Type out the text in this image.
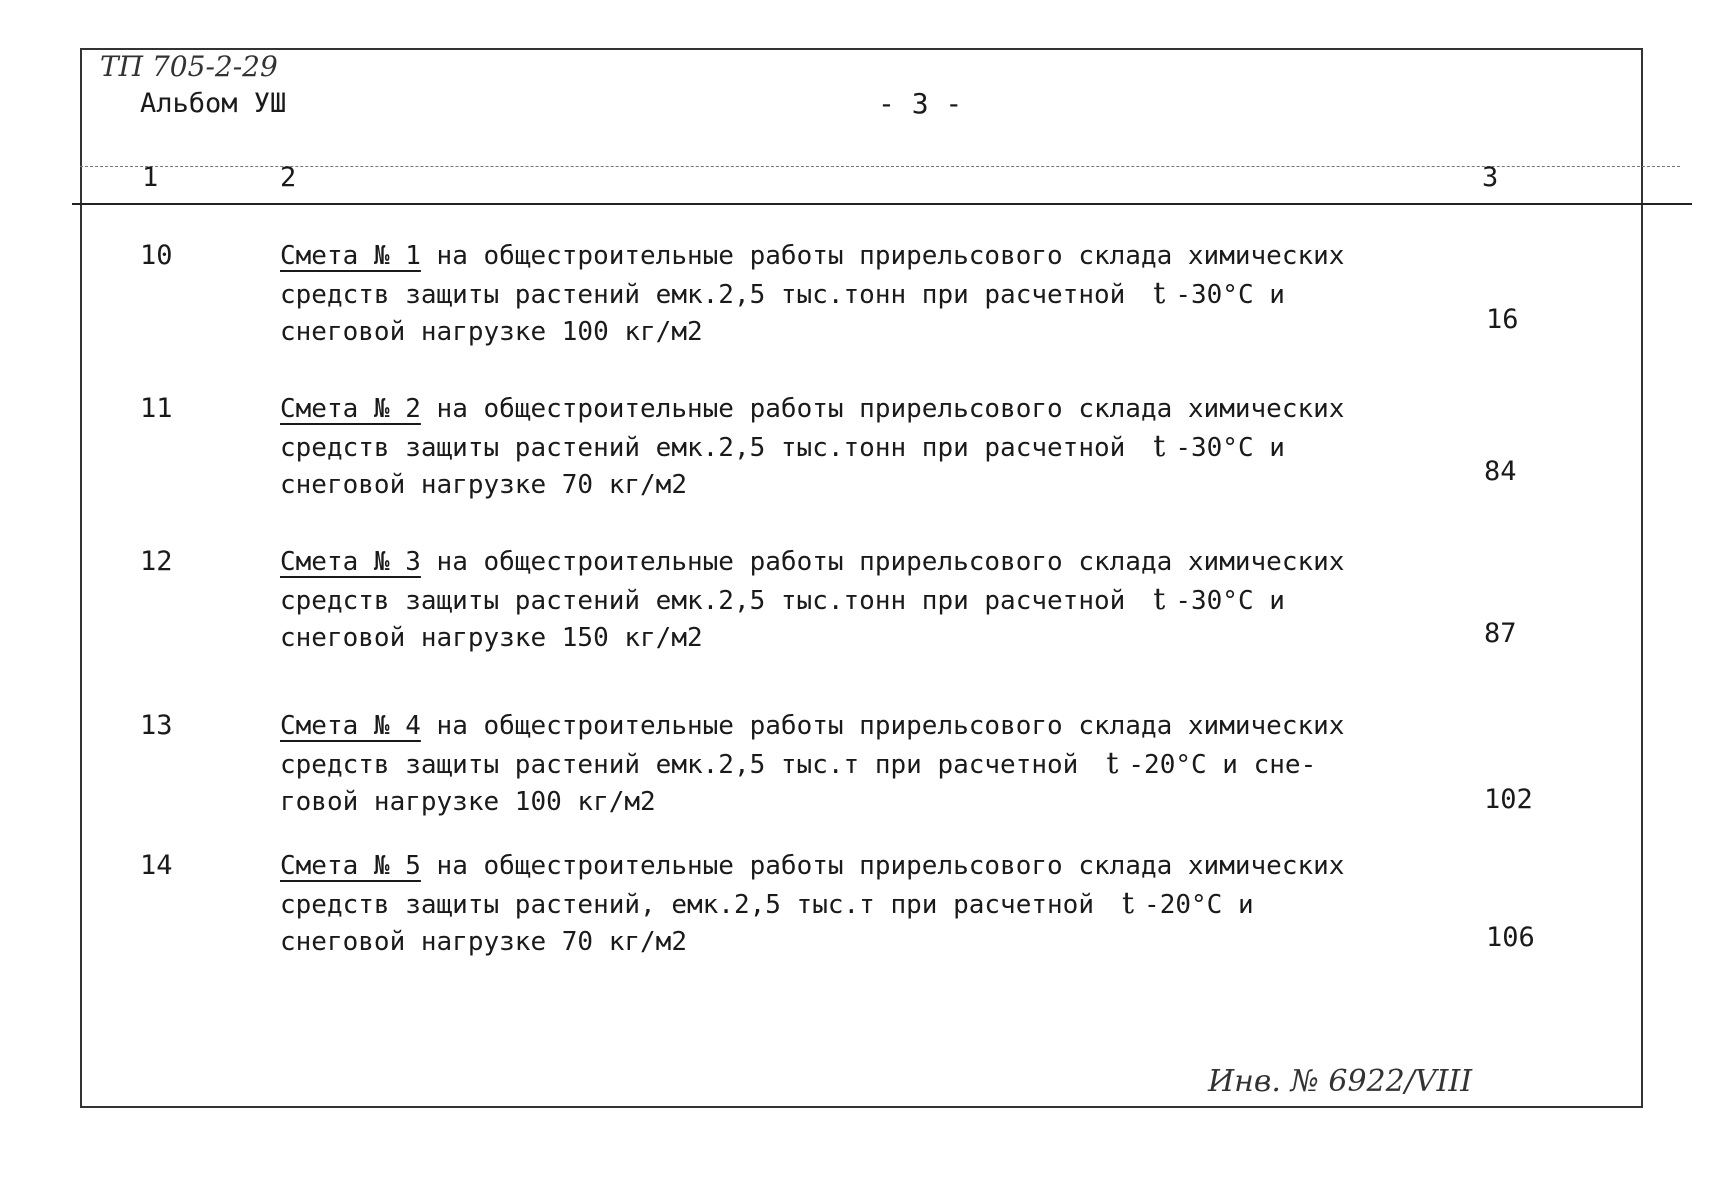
ТП 705-2-29
Альбом УШ	- 3 -
1	2	3
10	Смета № 1 на общестроительные работы прирельсового склада химических
средств защиты растений емк.2,5 тыс.тонн при расчетной t -30°С и
снеговой нагрузке 100 кг/м2	16
11	Смета № 2 на общестроительные работы прирельсового склада химических
средств защиты растений емк.2,5 тыс.тонн при расчетной t -30°С и
снеговой нагрузке 70 кг/м2	84
12	Смета № 3 на общестроительные работы прирельсового склада химических
средств защиты растений емк.2,5 тыс.тонн при расчетной t -30°С и
снеговой нагрузке 150 кг/м2	87
13	Смета № 4 на общестроительные работы прирельсового склада химических
средств защиты растений емк.2,5 тыс.т при расчетной t -20°С и сне-
говой нагрузке 100 кг/м2	102
14	Смета № 5 на общестроительные работы прирельсового склада химических
средств защиты растений, емк.2,5 тыс.т при расчетной t -20°С и
снеговой нагрузке 70 кг/м2	106
Инв. № 6922/VIII
